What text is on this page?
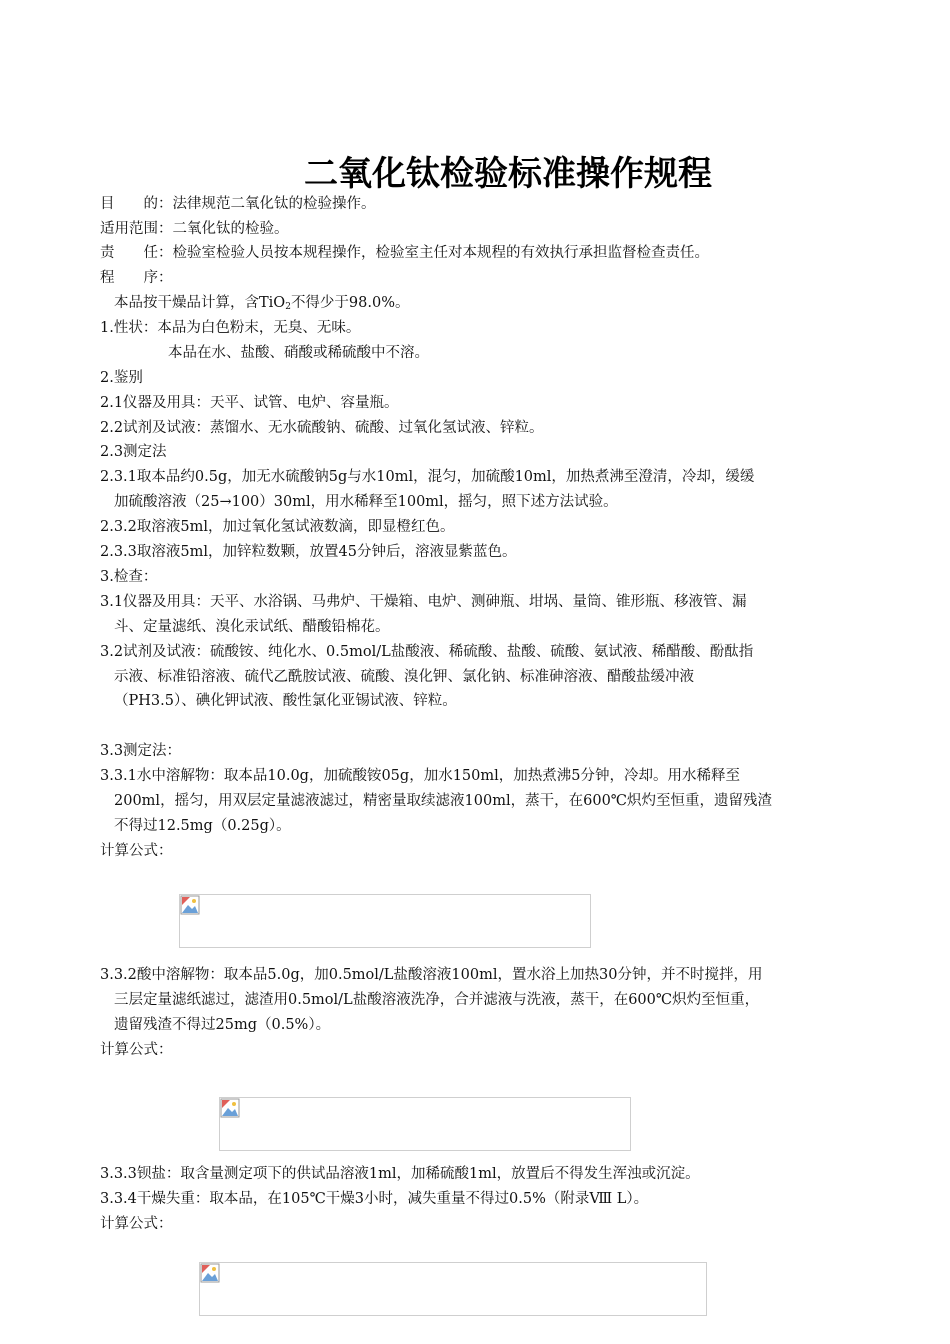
二氧化钛检验标准操作规程
目　　的：法律规范二氧化钛的检验操作。
适用范围：二氧化钛的检验。
责　　任：检验室检验人员按本规程操作，检验室主任对本规程的有效执行承担监督检查责任。
程　　序：
本品按干燥品计算，含TiO$_2$不得少于98.0%。
1.性状：本品为白色粉末，无臭、无味。
本品在水、盐酸、硝酸或稀硫酸中不溶。
2.鉴别
2.1仪器及用具：天平、试管、电炉、容量瓶。
2.2试剂及试液：蒸馏水、无水硫酸钠、硫酸、过氧化氢试液、锌粒。
2.3测定法
2.3.1取本品约0.5g，加无水硫酸钠5g与水10ml，混匀，加硫酸10ml，加热煮沸至澄清，冷却，缓缓
加硫酸溶液（25→100）30ml，用水稀释至100ml，摇匀，照下述方法试验。
2.3.2取溶液5ml，加过氧化氢试液数滴，即显橙红色。
2.3.3取溶液5ml，加锌粒数颗，放置45分钟后，溶液显紫蓝色。
3.检查：
3.1仪器及用具：天平、水浴锅、马弗炉、干燥箱、电炉、测砷瓶、坩埚、量筒、锥形瓶、移液管、漏
斗、定量滤纸、溴化汞试纸、醋酸铅棉花。
3.2试剂及试液：硫酸铵、纯化水、0.5mol/L盐酸液、稀硫酸、盐酸、硫酸、氨试液、稀醋酸、酚酞指
示液、标准铅溶液、硫代乙酰胺试液、硫酸、溴化钾、氯化钠、标准砷溶液、醋酸盐缓冲液
（PH3.5）、碘化钾试液、酸性氯化亚锡试液、锌粒。
3.3测定法：
3.3.1水中溶解物：取本品10.0g，加硫酸铵05g，加水150ml，加热煮沸5分钟，冷却。用水稀释至
200ml，摇匀，用双层定量滤液滤过，精密量取续滤液100ml，蒸干，在600℃炽灼至恒重，遗留残渣
不得过12.5mg（0.25g）。
计算公式：
3.3.2酸中溶解物：取本品5.0g，加0.5mol/L盐酸溶液100ml，置水浴上加热30分钟，并不时搅拌，用
三层定量滤纸滤过，滤渣用0.5mol/L盐酸溶液洗净，合并滤液与洗液，蒸干，在600℃炽灼至恒重，
遗留残渣不得过25mg（0.5%）。
计算公式：
3.3.3钡盐：取含量测定项下的供试品溶液1ml，加稀硫酸1ml，放置后不得发生浑浊或沉淀。
3.3.4干燥失重：取本品，在105℃干燥3小时，减失重量不得过0.5%（附录Ⅷ L）。
计算公式：
